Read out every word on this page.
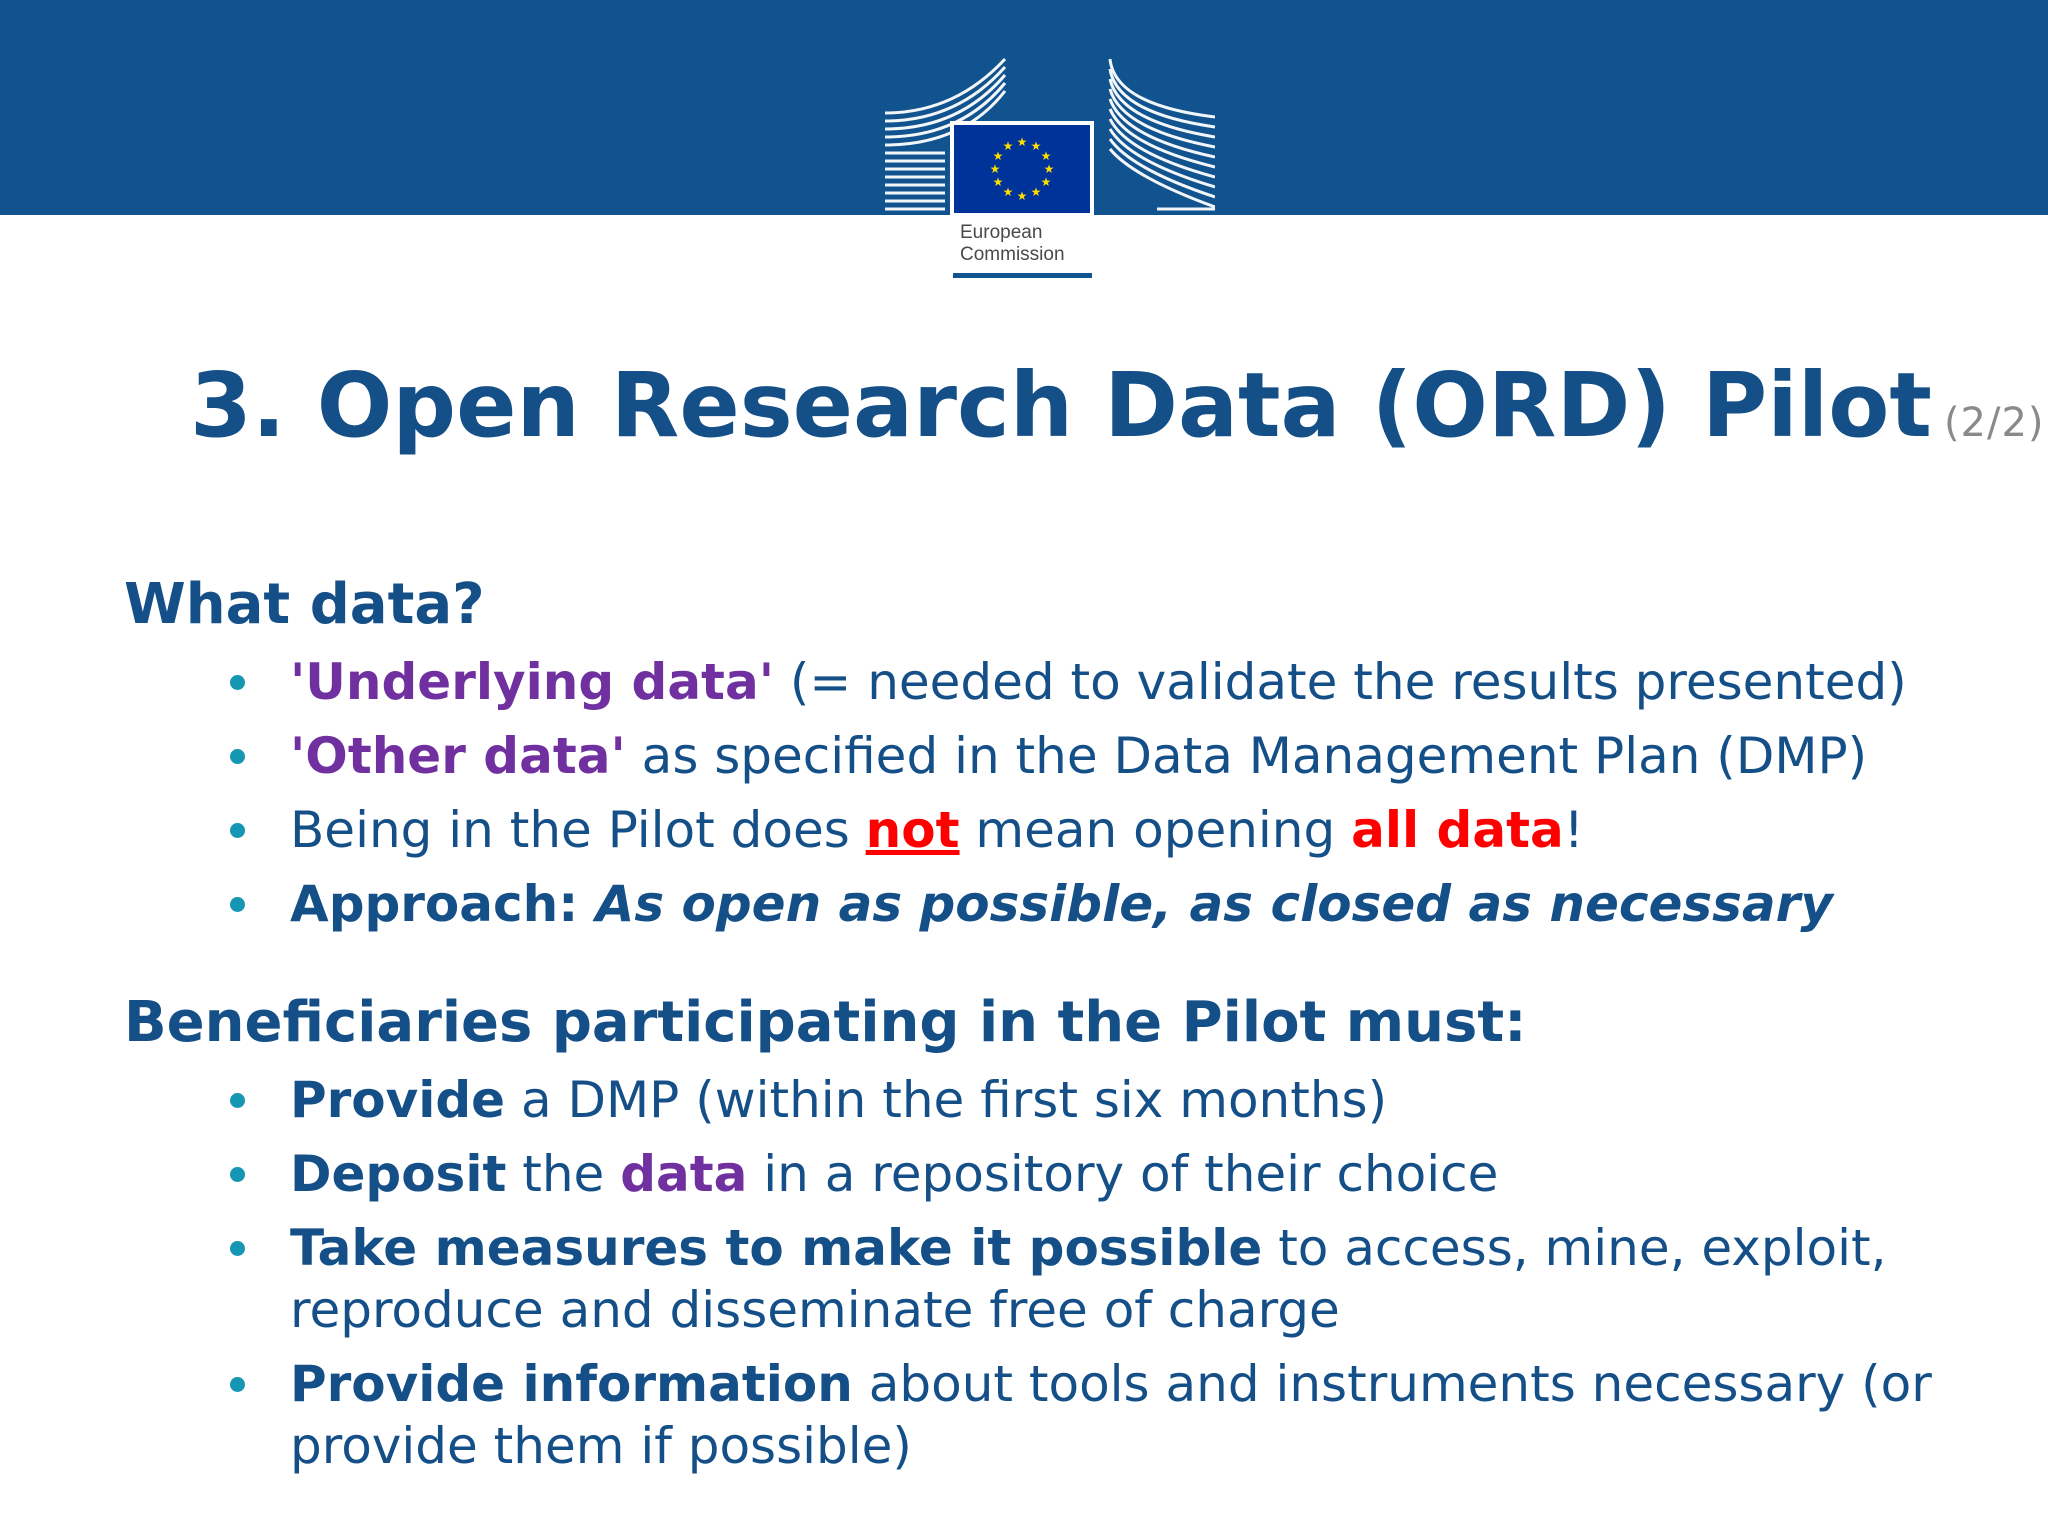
★ ★
★
★
★
★
★
★
★
★
★
★
European
Commission
3. Open Research Data (ORD) Pilot (2/2)
What data?
'Underlying data' (= needed to validate the results presented)
'Other data' as specified in the Data Management Plan (DMP)
Being in the Pilot does not mean opening all data!
Approach: As open as possible, as closed as necessary
Beneficiaries participating in the Pilot must:
Provide a DMP (within the first six months)
Deposit the data in a repository of their choice
Take measures to make it possible to access, mine, exploit, reproduce and disseminate free of charge
Provide information about tools and instruments necessary (or provide them if possible)
